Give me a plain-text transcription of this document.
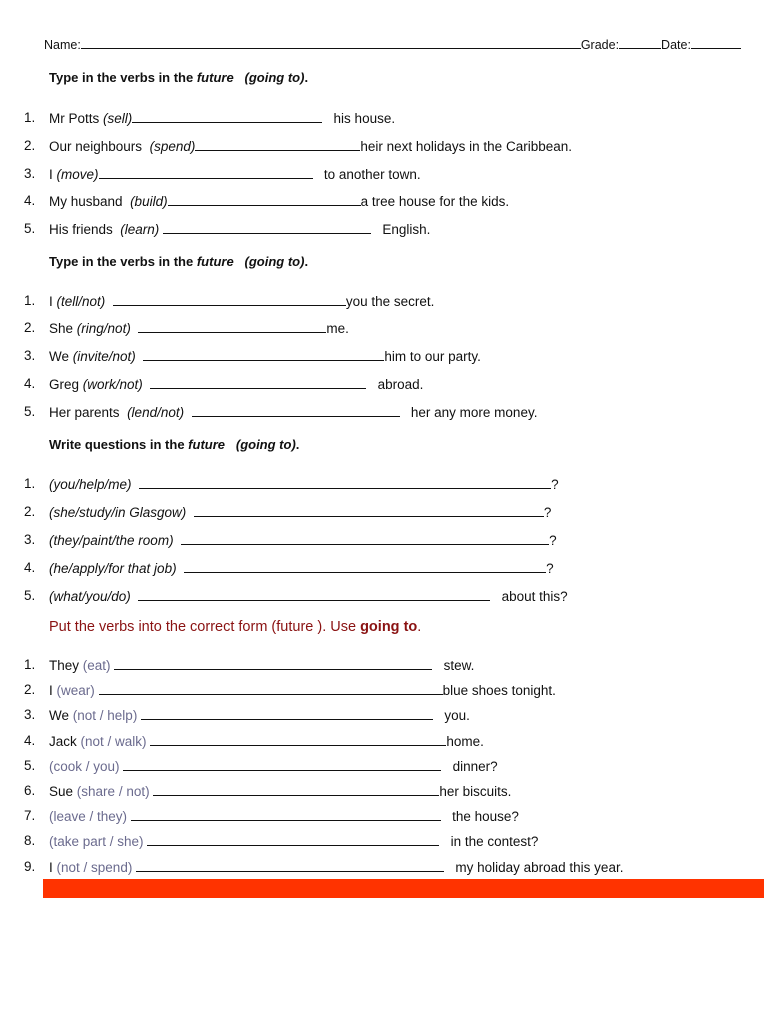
Name:	Grade:	Date:
Type in the verbs in the future (going to).
1.	Mr Potts (sell)	his house.
2.	Our neighbours (spend)	heir next holidays in the Caribbean.
3.	I (move)	to another town.
4.	My husband (build)	a tree house for the kids.
5.	His friends (learn)	English.
Type in the verbs in the future (going to).
1.	I (tell/not)	you the secret.
2.	She (ring/not)	me.
3.	We (invite/not)	him to our party.
4.	Greg (work/not)	abroad.
5.	Her parents (lend/not)	her any more money.
Write questions in the future (going to).
1.	(you/help/me)	?
2.	(she/study/in Glasgow)	?
3.	(they/paint/the room)	?
4.	(he/apply/for that job)	?
5.	(what/you/do)	about this?
Put the verbs into the correct form (future ). Use going to.
1.	They (eat)	stew.
2.	I (wear)	blue shoes tonight.
3.	We (not / help)	you.
4.	Jack (not / walk)	home.
5.	(cook / you)	dinner?
6.	Sue (share / not)	her biscuits.
7.	(leave / they)	the house?
8.	(take part / she)	in the contest?
9.	I (not / spend)	my holiday abroad this year.
